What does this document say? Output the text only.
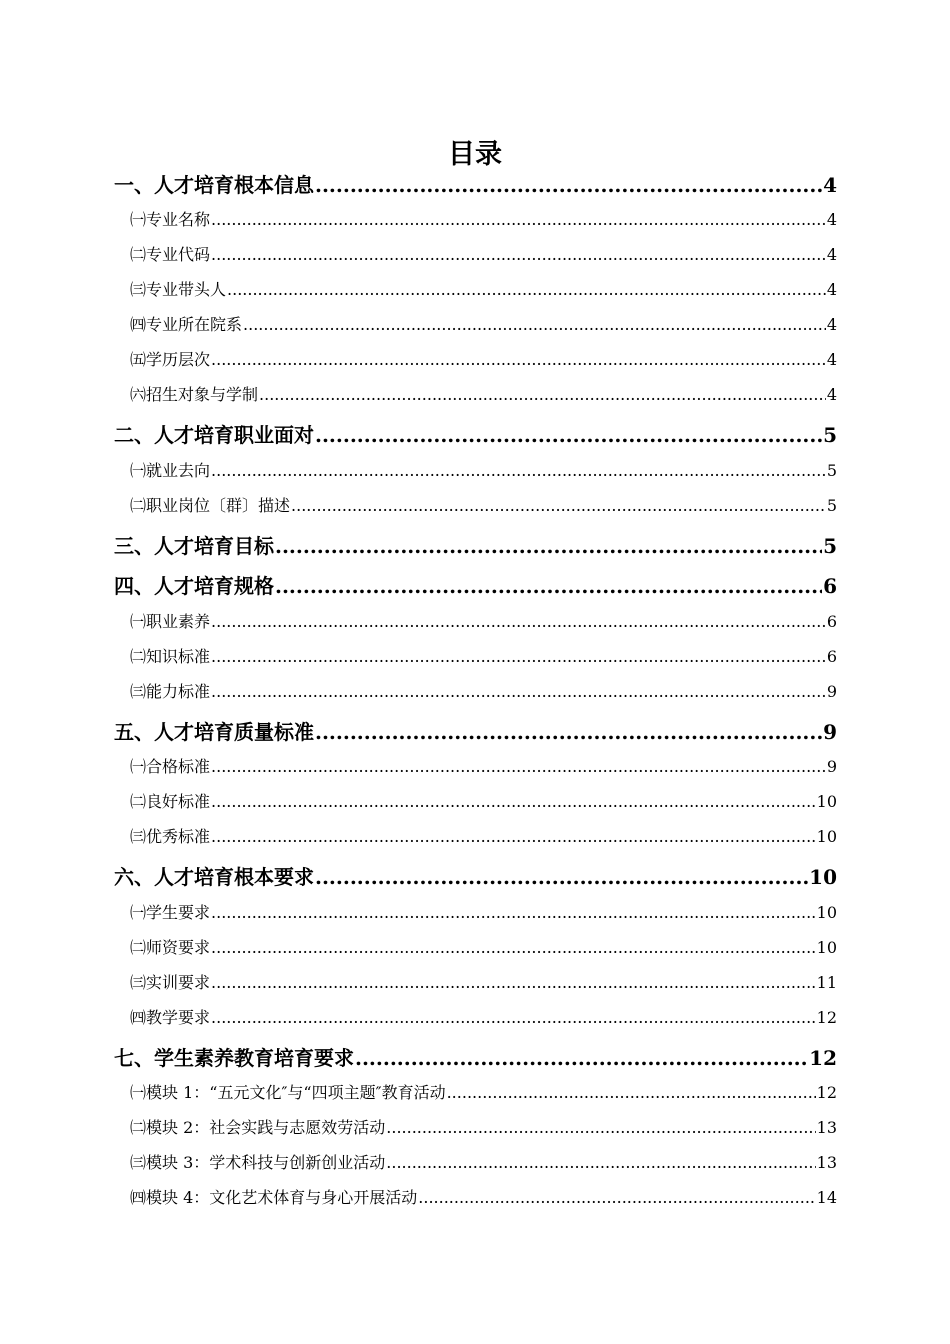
目录
一、人才培育根本信息 .....	4
㈠专业名称 .....	4
㈡专业代码 .....	4
㈢专业带头人 .....	4
㈣专业所在院系 .....	4
㈤学历层次 .....	4
㈥招生对象与学制 .....	4
二、人才培育职业面对 .....	5
㈠就业去向 .....	5
㈡职业岗位〔群〕描述 .....	5
三、人才培育目标 .....	5
四、人才培育规格 .....	6
㈠职业素养 .....	6
㈡知识标准 .....	6
㈢能力标准 .....	9
五、人才培育质量标准 .....	9
㈠合格标准 .....	9
㈡良好标准 .....	10
㈢优秀标准 .....	10
六、人才培育根本要求 .....	10
㈠学生要求 .....	10
㈡师资要求 .....	10
㈢实训要求 .....	11
㈣教学要求 .....	12
七、学生素养教育培育要求 .....	12
㈠模块 1：“五元文化″与“四项主题″教育活动 .....	12
㈡模块 2：社会实践与志愿效劳活动 .....	13
㈢模块 3：学术科技与创新创业活动 .....	13
㈣模块 4：文化艺术体育与身心开展活动 .....	14
